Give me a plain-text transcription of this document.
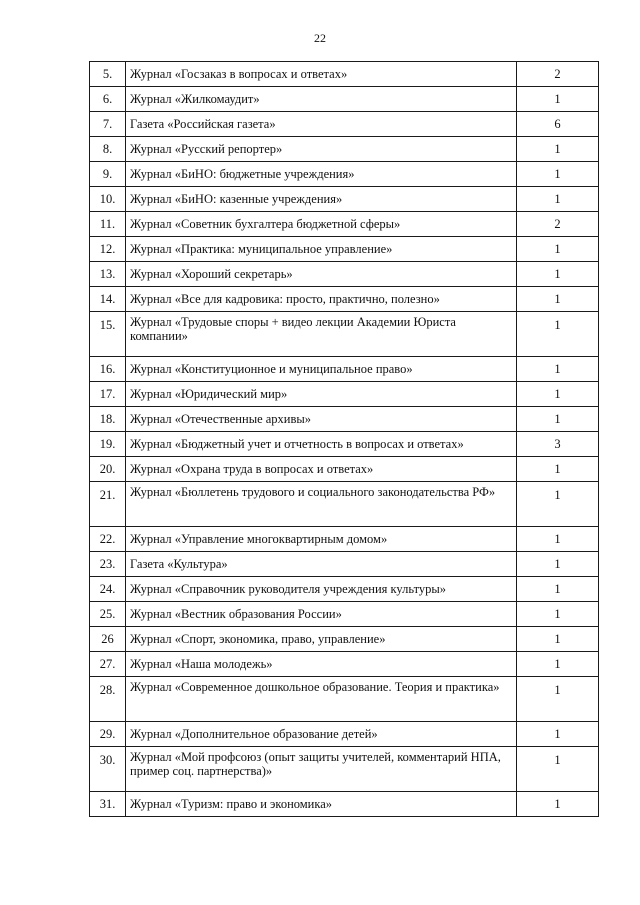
22
5.	Журнал «Госзаказ в вопросах и ответах»	2
6.	Журнал «Жилкомаудит»	1
7.	Газета «Российская газета»	6
8.	Журнал «Русский репортер»	1
9.	Журнал «БиНО: бюджетные учреждения»	1
10.	Журнал «БиНО: казенные учреждения»	1
11.	Журнал «Советник бухгалтера бюджетной сферы»	2
12.	Журнал «Практика: муниципальное управление»	1
13.	Журнал «Хороший секретарь»	1
14.	Журнал «Все для кадровика: просто, практично, полезно»	1
15.	Журнал «Трудовые споры + видео лекции Академии Юриста компании»	1
16.	Журнал «Конституционное и муниципальное право»	1
17.	Журнал «Юридический мир»	1
18.	Журнал «Отечественные архивы»	1
19.	Журнал «Бюджетный учет и отчетность в вопросах и ответах»	3
20.	Журнал «Охрана труда в вопросах и ответах»	1
21.	Журнал «Бюллетень трудового и социального законодательства РФ»	1
22.	Журнал «Управление многоквартирным домом»	1
23.	Газета «Культура»	1
24.	Журнал «Справочник руководителя учреждения культуры»	1
25.	Журнал «Вестник образования России»	1
26	Журнал «Спорт, экономика, право, управление»	1
27.	Журнал «Наша молодежь»	1
28.	Журнал «Современное дошкольное образование. Теория и практика»	1
29.	Журнал «Дополнительное образование детей»	1
30.	Журнал «Мой профсоюз (опыт защиты учителей, комментарий НПА, пример соц. партнерства)»	1
31.	Журнал «Туризм: право и экономика»	1
